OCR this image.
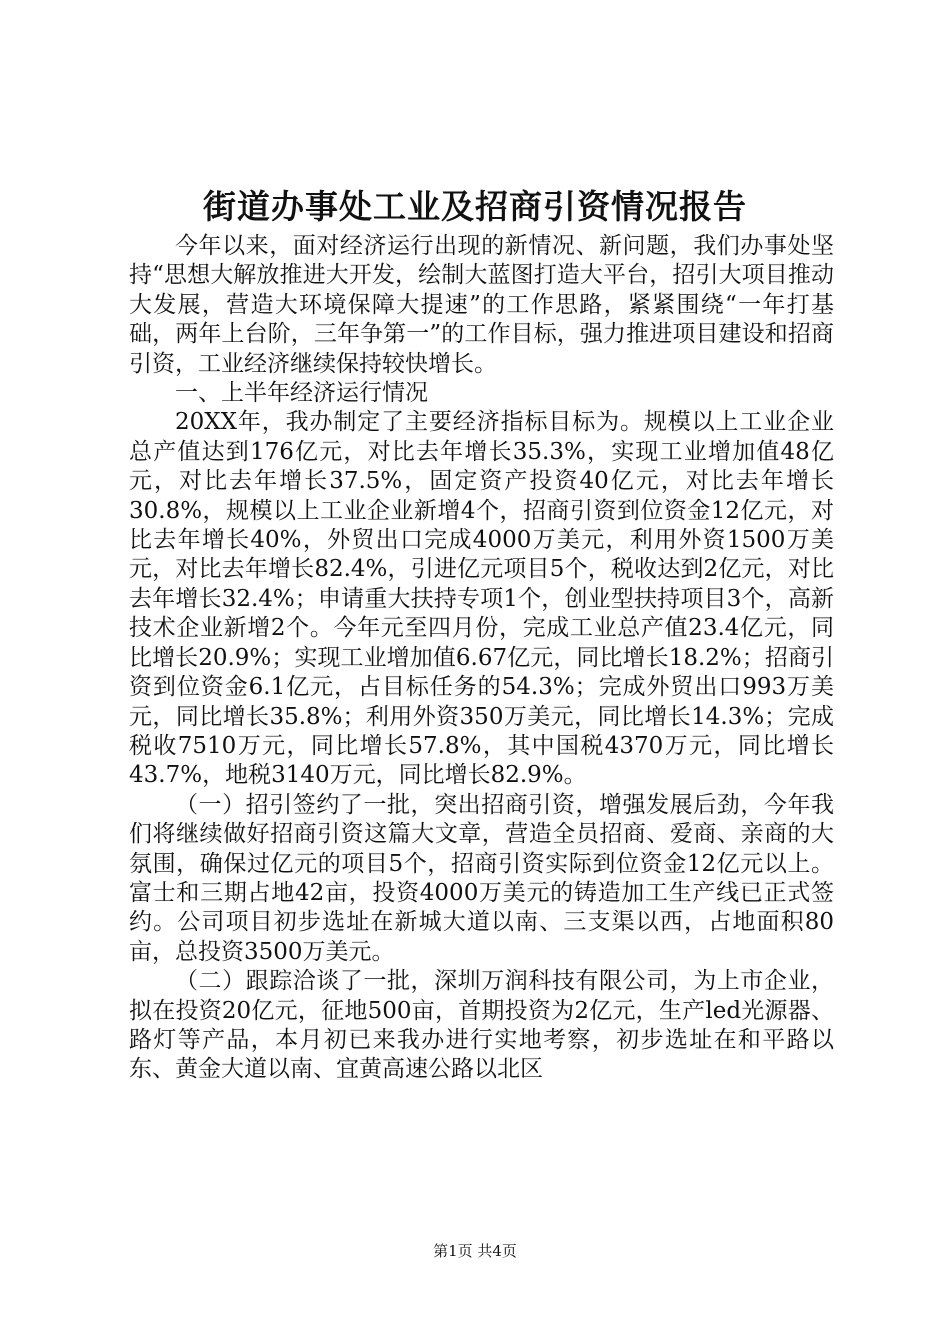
街道办事处工业及招商引资情况报告

今年以来，面对经济运行出现的新情况、新问题，我们办事处坚持“思想大解放推进大开发，绘制大蓝图打造大平台，招引大项目推动大发展，营造大环境保障大提速”的工作思路，紧紧围绕“一年打基础，两年上台阶，三年争第一”的工作目标，强力推进项目建设和招商引资，工业经济继续保持较快增长。

一、上半年经济运行情况

20XX年，我办制定了主要经济指标目标为。规模以上工业企业总产值达到176亿元，对比去年增长35.3%，实现工业增加值48亿元，对比去年增长37.5%，固定资产投资40亿元，对比去年增长30.8%，规模以上工业企业新增4个，招商引资到位资金12亿元，对比去年增长40%，外贸出口完成4000万美元，利用外资1500万美元，对比去年增长82.4%，引进亿元项目5个，税收达到2亿元，对比去年增长32.4%；申请重大扶持专项1个，创业型扶持项目3个，高新技术企业新增2个。今年元至四月份，完成工业总产值23.4亿元，同比增长20.9%；实现工业增加值6.67亿元，同比增长18.2%；招商引资到位资金6.1亿元，占目标任务的54.3%；完成外贸出口993万美元，同比增长35.8%；利用外资350万美元，同比增长14.3%；完成税收7510万元，同比增长57.8%，其中国税4370万元，同比增长43.7%，地税3140万元，同比增长82.9%。

（一）招引签约了一批，突出招商引资，增强发展后劲，今年我们将继续做好招商引资这篇大文章，营造全员招商、爱商、亲商的大氛围，确保过亿元的项目5个，招商引资实际到位资金12亿元以上。富士和三期占地42亩，投资4000万美元的铸造加工生产线已正式签约。公司项目初步选址在新城大道以南、三支渠以西，占地面积80亩，总投资3500万美元。

（二）跟踪洽谈了一批，深圳万润科技有限公司，为上市企业，拟在投资20亿元，征地500亩，首期投资为2亿元，生产led光源器、路灯等产品，本月初已来我办进行实地考察，初步选址在和平路以东、黄金大道以南、宜黄高速公路以北区

第1页 共4页
